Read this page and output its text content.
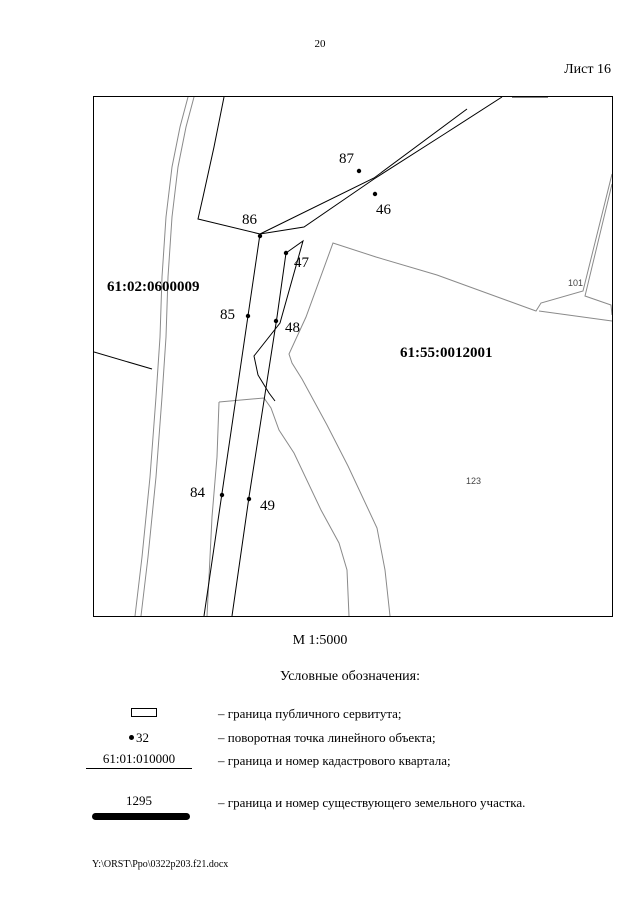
20
Лист 16
87
46
86
47
85
48
84
49
61:02:0600009
61:55:0012001
101
123
М 1:5000
Условные обозначения:
– граница публичного сервитута;
32	– поворотная точка линейного объекта;
61:01:010000	– граница и номер кадастрового квартала;
1295	– граница и номер существующего земельного участка.
Y:\ORST\Ppo\0322p203.f21.docx
